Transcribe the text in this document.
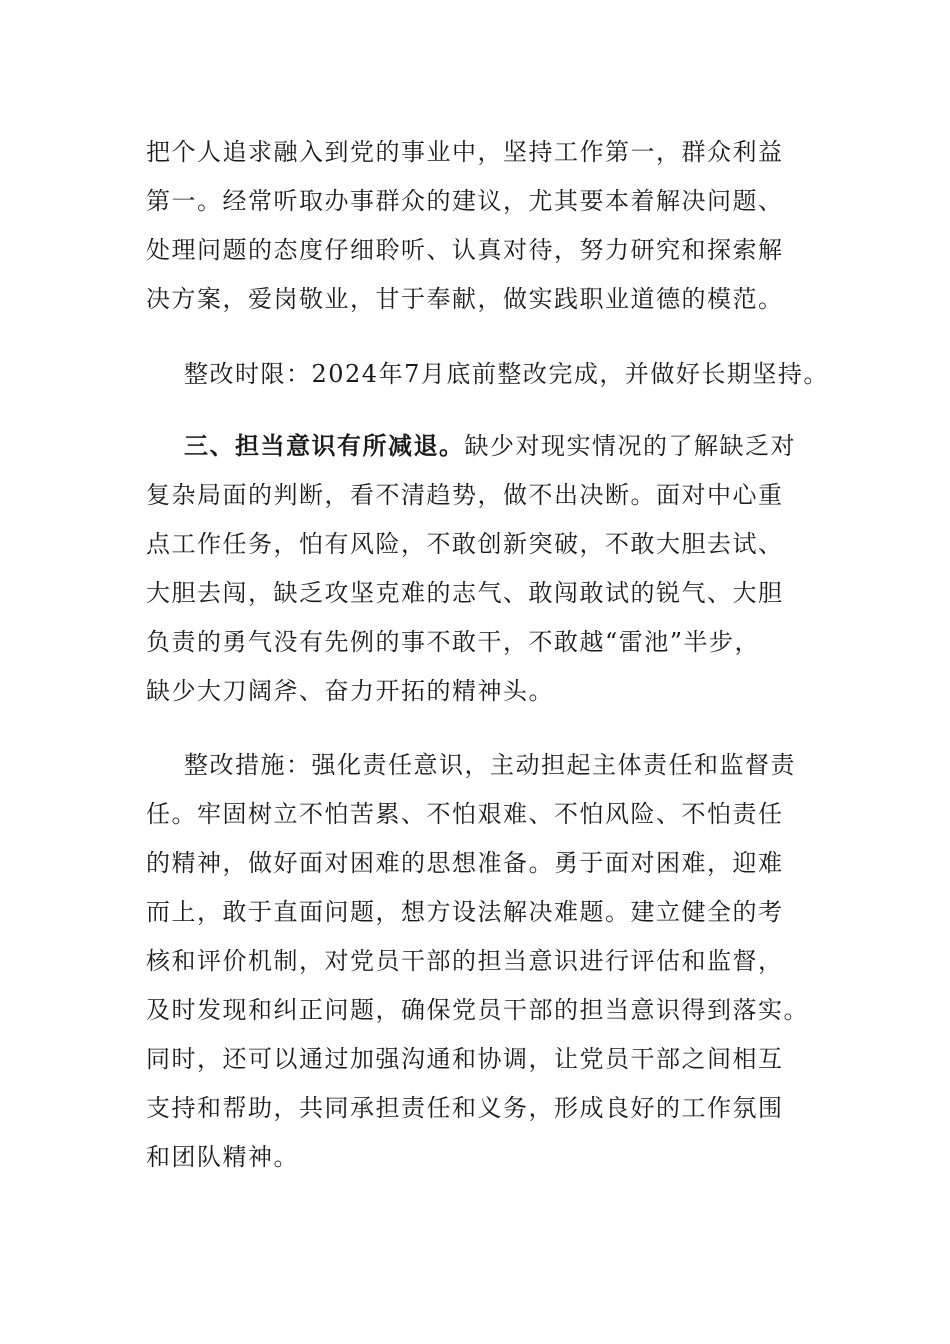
把个人追求融入到党的事业中，坚持工作第一，群众利益
第一。经常听取办事群众的建议，尤其要本着解决问题、
处理问题的态度仔细聆听、认真对待，努力研究和探索解
决方案，爱岗敬业，甘于奉献，做实践职业道德的模范。
整改时限：2024年7月底前整改完成，并做好长期坚持。
三、担当意识有所减退。缺少对现实情况的了解缺乏对
复杂局面的判断，看不清趋势，做不出决断。面对中心重
点工作任务，怕有风险，不敢创新突破，不敢大胆去试、
大胆去闯，缺乏攻坚克难的志气、敢闯敢试的锐气、大胆
负责的勇气没有先例的事不敢干，不敢越“雷池”半步，
缺少大刀阔斧、奋力开拓的精神头。
整改措施：强化责任意识，主动担起主体责任和监督责
任。牢固树立不怕苦累、不怕艰难、不怕风险、不怕责任
的精神，做好面对困难的思想准备。勇于面对困难，迎难
而上，敢于直面问题，想方设法解决难题。建立健全的考
核和评价机制，对党员干部的担当意识进行评估和监督，
及时发现和纠正问题，确保党员干部的担当意识得到落实。
同时，还可以通过加强沟通和协调，让党员干部之间相互
支持和帮助，共同承担责任和义务，形成良好的工作氛围
和团队精神。
